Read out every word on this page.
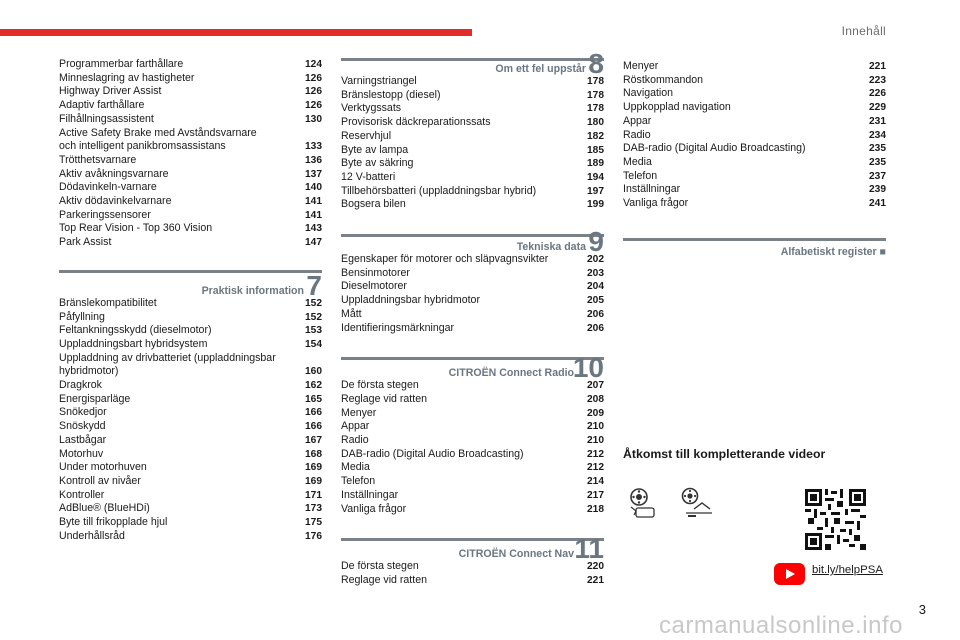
Innehåll
Programmerbar farthållare	124
Minneslagring av hastigheter	126
Highway Driver Assist	126
Adaptiv farthållare	126
Filhållningsassistent	130
Active Safety Brake med Avståndsvarnare
och intelligent panikbromsassistans	133
Trötthetsvarnare	136
Aktiv avåkningsvarnare	137
Dödavinkeln-varnare	140
Aktiv dödavinkelvarnare	141
Parkeringssensorer	141
Top Rear Vision - Top 360 Vision	143
Park Assist	147
Praktisk information 7
Bränslekompatibilitet	152
Påfyllning	152
Feltankningsskydd (dieselmotor)	153
Uppladdningsbart hybridsystem	154
Uppladdning av drivbatteriet (uppladdningsbar
hybridmotor)	160
Dragkrok	162
Energisparläge	165
Snökedjor	166
Snöskydd	166
Lastbågar	167
Motorhuv	168
Under motorhuven	169
Kontroll av nivåer	169
Kontroller	171
AdBlue® (BlueHDi)	173
Byte till frikopplade hjul	175
Underhållsråd	176
Om ett fel uppstår 8
Varningstriangel	178
Bränslestopp (diesel)	178
Verktygssats	178
Provisorisk däckreparationssats	180
Reservhjul	182
Byte av lampa	185
Byte av säkring	189
12 V-batteri	194
Tillbehörsbatteri (uppladdningsbar hybrid)	197
Bogsera bilen	199
Tekniska data 9
Egenskaper för motorer och släpvagnsvikter	202
Bensinmotorer	203
Dieselmotorer	204
Uppladdningsbar hybridmotor	205
Mått	206
Identifieringsmärkningar	206
CITROËN Connect Radio
10
De första stegen	207
Reglage vid ratten	208
Menyer	209
Appar	210
Radio	210
DAB-radio (Digital Audio Broadcasting)	212
Media	212
Telefon	214
Inställningar	217
Vanliga frågor	218
CITROËN Connect Nav 11
De första stegen	220
Reglage vid ratten	221
Menyer	221
Röstkommandon	223
Navigation	226
Uppkopplad navigation	229
Appar	231
Radio	234
DAB-radio (Digital Audio Broadcasting)	235
Media	235
Telefon	237
Inställningar	239
Vanliga frågor	241
Alfabetiskt register ■
Åtkomst till kompletterande videor
bit.ly/helpPSA
3
carmanualsonline.info
